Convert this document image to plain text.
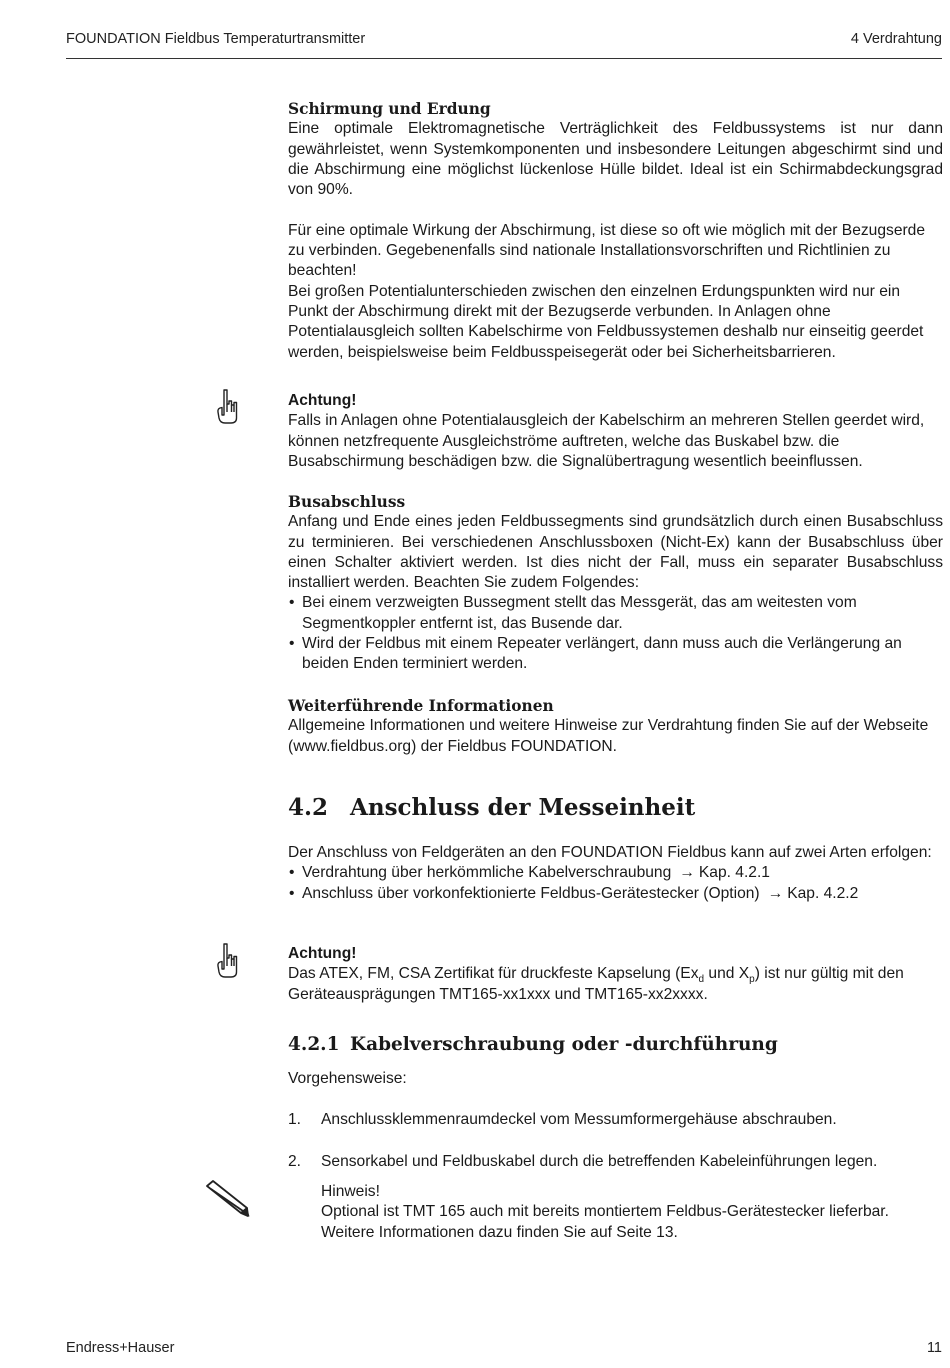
FOUNDATION Fieldbus Temperaturtransmitter	4 Verdrahtung

Schirmung und Erdung

Eine optimale Elektromagnetische Verträglichkeit des Feldbussystems ist nur dann gewährleistet, wenn Systemkomponenten und insbesondere Leitungen abgeschirmt sind und die Abschirmung eine möglichst lückenlose Hülle bildet. Ideal ist ein Schirmabdeckungsgrad von 90%.

Für eine optimale Wirkung der Abschirmung, ist diese so oft wie möglich mit der Bezugserde zu verbinden. Gegebenenfalls sind nationale Installationsvorschriften und Richtlinien zu beachten!

Bei großen Potentialunterschieden zwischen den einzelnen Erdungspunkten wird nur ein Punkt der Abschirmung direkt mit der Bezugserde verbunden. In Anlagen ohne Potentialausgleich sollten Kabelschirme von Feldbussystemen deshalb nur einseitig geerdet werden, beispielsweise beim Feldbusspeisegerät oder bei Sicherheitsbarrieren.

Achtung!

Falls in Anlagen ohne Potentialausgleich der Kabelschirm an mehreren Stellen geerdet wird, können netzfrequente Ausgleichströme auftreten, welche das Buskabel bzw. die Busabschirmung beschädigen bzw. die Signalübertragung wesentlich beeinflussen.

Busabschluss

Anfang und Ende eines jeden Feldbussegments sind grundsätzlich durch einen Busabschluss zu terminieren. Bei verschiedenen Anschlussboxen (Nicht-Ex) kann der Busabschluss über einen Schalter aktiviert werden. Ist dies nicht der Fall, muss ein separater Busabschluss installiert werden. Beachten Sie zudem Folgendes:

• Bei einem verzweigten Bussegment stellt das Messgerät, das am weitesten vom Segmentkoppler entfernt ist, das Busende dar.
• Wird der Feldbus mit einem Repeater verlängert, dann muss auch die Verlängerung an beiden Enden terminiert werden.

Weiterführende Informationen

Allgemeine Informationen und weitere Hinweise zur Verdrahtung finden Sie auf der Webseite (www.fieldbus.org) der Fieldbus FOUNDATION.

4.2 Anschluss der Messeinheit

Der Anschluss von Feldgeräten an den FOUNDATION Fieldbus kann auf zwei Arten erfolgen:

• Verdrahtung über herkömmliche Kabelverschraubung → Kap. 4.2.1
• Anschluss über vorkonfektionierte Feldbus-Gerätestecker (Option) → Kap. 4.2.2

Achtung!

Das ATEX, FM, CSA Zertifikat für druckfeste Kapselung ($Ex_d$ und $X_p$) ist nur gültig mit den Geräteausprägungen TMT165-xx1xxx und TMT165-xx2xxxx.

4.2.1 Kabelverschraubung oder -durchführung

Vorgehensweise:

1. Anschlussklemmenraumdeckel vom Messumformergehäuse abschrauben.
2. Sensorkabel und Feldbuskabel durch die betreffenden Kabeleinführungen legen.

Hinweis!

Optional ist TMT 165 auch mit bereits montiertem Feldbus-Gerätestecker lieferbar.

Weitere Informationen dazu finden Sie auf Seite 13.

Endress+Hauser	11
